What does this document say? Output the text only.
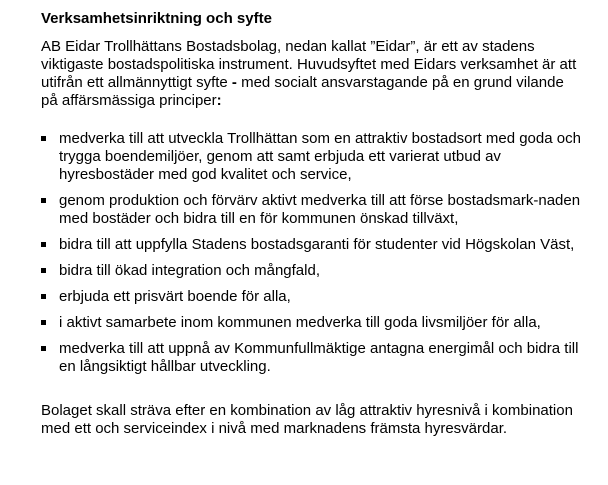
Verksamhetsinriktning och syfte

AB Eidar Trollhättans Bostadsbolag, nedan kallat ”Eidar”, är ett av stadens viktigaste bostadspolitiska instrument. Huvudsyftet med Eidars verksamhet är att utifrån ett allmännyttigt syfte - med socialt ansvarstagande på en grund vilande på affärsmässiga principer:

medverka till att utveckla Trollhättan som en attraktiv bostadsort med goda och trygga boendemiljöer, genom att samt erbjuda ett varierat utbud av hyresbostäder med god kvalitet och service,
genom produktion och förvärv aktivt medverka till att förse bostadsmark-naden med bostäder och bidra till en för kommunen önskad tillväxt,
bidra till att uppfylla Stadens bostadsgaranti för studenter vid Högskolan Väst,
bidra till ökad integration och mångfald,
erbjuda ett prisvärt boende för alla,
i aktivt samarbete inom kommunen medverka till goda livsmiljöer för alla,
medverka till att uppnå av Kommunfullmäktige antagna energimål och bidra till en långsiktigt hållbar utveckling.

Bolaget skall sträva efter en kombination av låg attraktiv hyresnivå i kombination med ett och serviceindex i nivå med marknadens främsta hyresvärdar.
